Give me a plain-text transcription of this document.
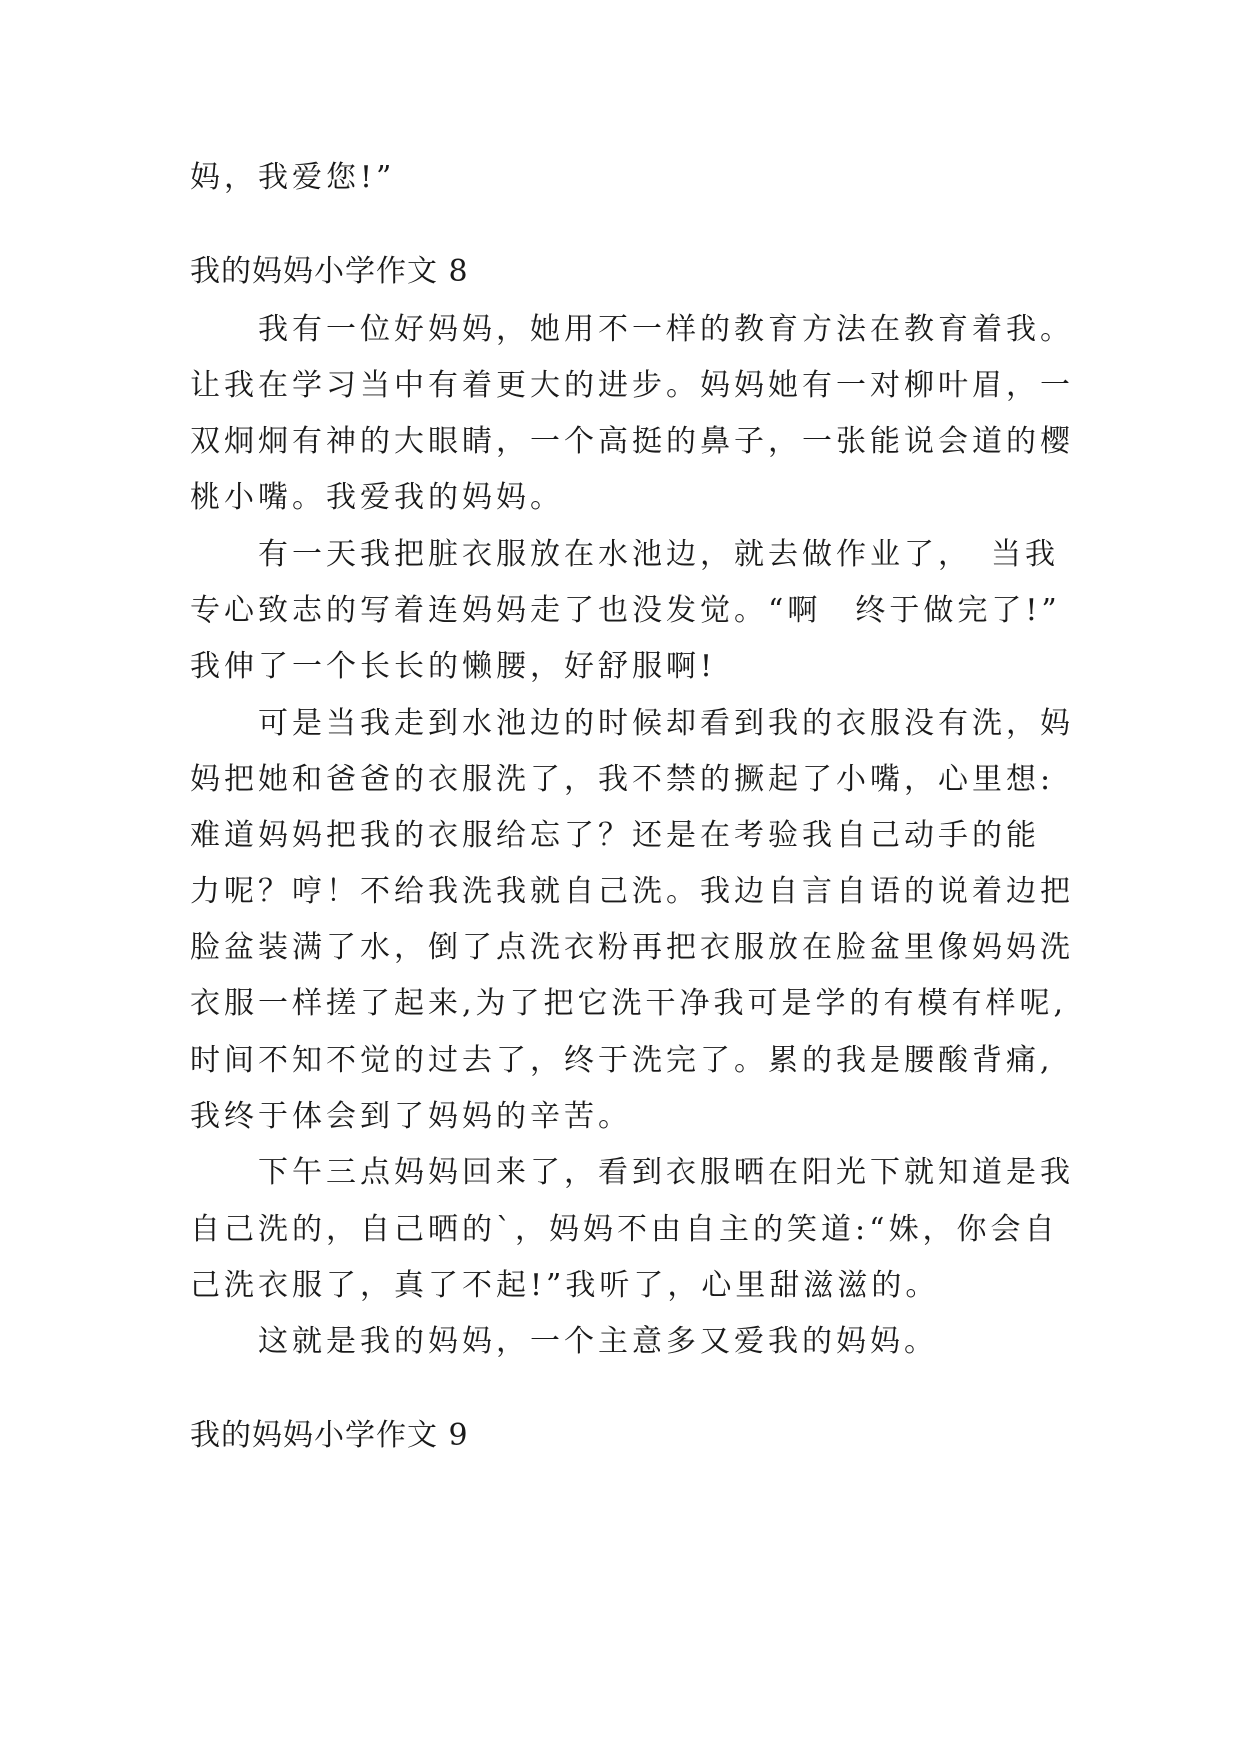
妈，我爱您!”
我的妈妈小学作文 8
　　我有一位好妈妈，她用不一样的教育方法在教育着我。
让我在学习当中有着更大的进步。妈妈她有一对柳叶眉，一
双炯炯有神的大眼睛，一个高挺的鼻子，一张能说会道的樱
桃小嘴。我爱我的妈妈。
　　有一天我把脏衣服放在水池边，就去做作业了，　当我
专心致志的写着连妈妈走了也没发觉。“啊　终于做完了!”
我伸了一个长长的懒腰，好舒服啊!
　　可是当我走到水池边的时候却看到我的衣服没有洗，妈
妈把她和爸爸的衣服洗了，我不禁的撅起了小嘴，心里想:
难道妈妈把我的衣服给忘了？还是在考验我自己动手的能
力呢？哼！不给我洗我就自己洗。我边自言自语的说着边把
脸盆装满了水，倒了点洗衣粉再把衣服放在脸盆里像妈妈洗
衣服一样搓了起来,为了把它洗干净我可是学的有模有样呢,
时间不知不觉的过去了，终于洗完了。累的我是腰酸背痛,
我终于体会到了妈妈的辛苦。
　　下午三点妈妈回来了，看到衣服晒在阳光下就知道是我
自己洗的，自己晒的`，妈妈不由自主的笑道:“姝，你会自
己洗衣服了，真了不起!”我听了，心里甜滋滋的。
　　这就是我的妈妈，一个主意多又爱我的妈妈。
我的妈妈小学作文 9
